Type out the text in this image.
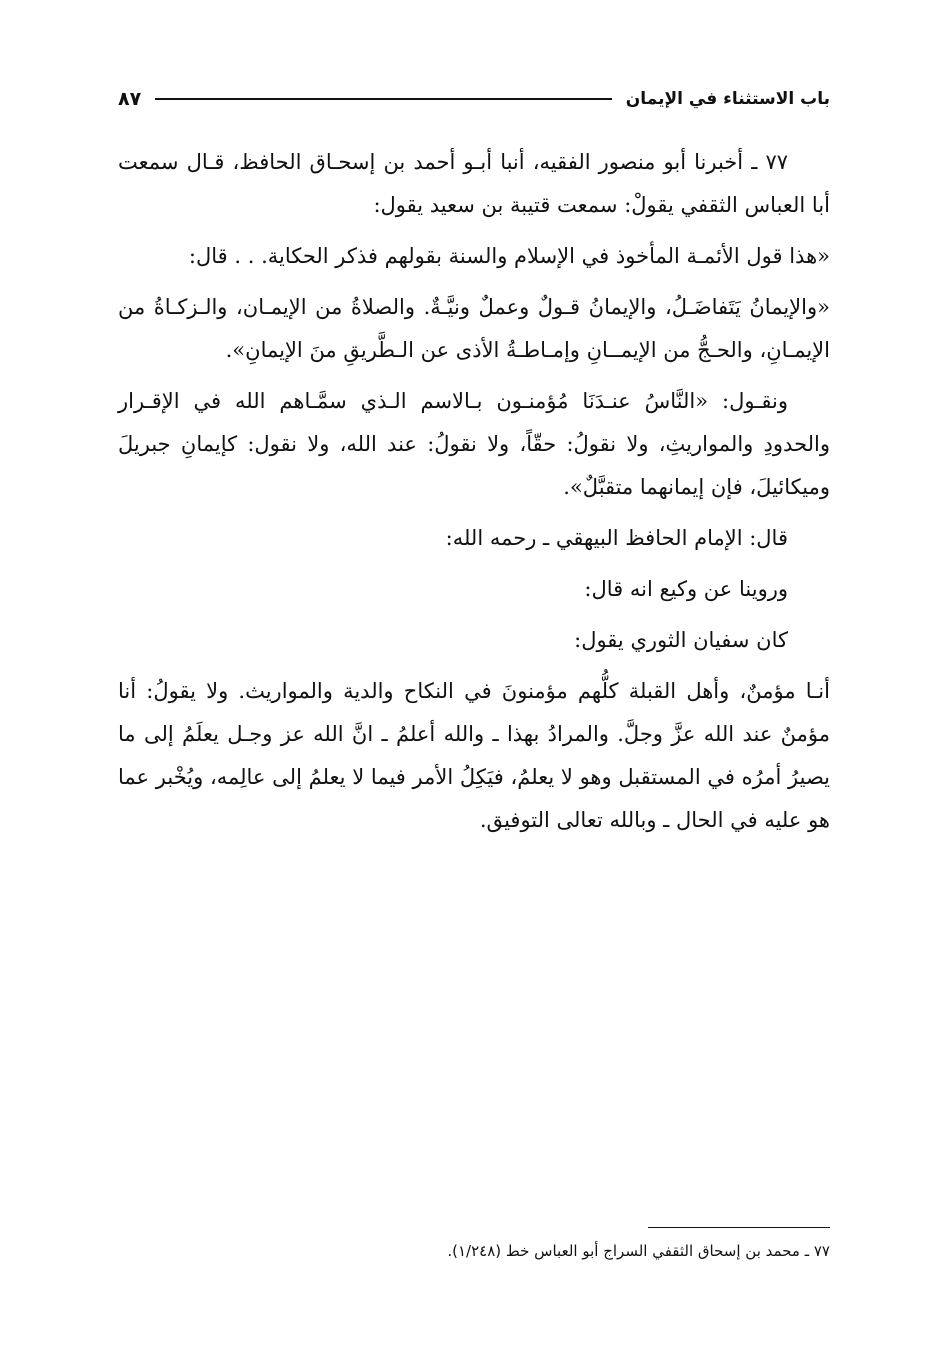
باب الاستثناء في الإيمان
٨٧

٧٧ ـ أخبرنا أبو منصور الفقيه، أنبا أبـو أحمد بن إسحـاق الحافظ، قـال سمعت أبا العباس الثقفي يقولْ: سمعت قتيبة بن سعيد يقول:

«هذا قول الأئمـة المأخوذ في الإسلام والسنة بقولهم فذكر الحكاية. . . قال:

«والإيمانُ يَتَفاضَـلُ، والإيمانُ قـولٌ وعملٌ ونيَّـةٌ. والصلاةُ من الإيمـان، والـزكـاةُ من الإيمـانِ، والحـجُّ من الإيمــانِ وإمـاطـةُ الأذى عن الـطَّريقِ منَ الإيمانِ».

ونقـول: «النَّاسُ عنـدَنَا مُؤمنـون بـالاسم الـذي سمَّـاهم الله في الإقـرار والحدودِ والمواريثِ، ولا نقولُ: حقّاً، ولا نقولُ: عند الله، ولا نقول: كإيمانِ جبريلَ وميكائيلَ، فإن إيمانهما متقبَّلٌ».

قال: الإمام الحافظ البيهقي ـ رحمه الله:

وروينا عن وكيع انه قال:

كان سفيان الثوري يقول:

أنـا مؤمنٌ، وأهل القبلة كلُّهم مؤمنونَ في النكاح والدية والمواريث. ولا يقولُ: أنا مؤمنٌ عند الله عزَّ وجلَّ. والمرادُ بهذا ـ والله أعلمُ ـ انَّ الله عز وجـل يعلَمُ إلى ما يصيرُ أمرُه في المستقبل وهو لا يعلمُ، فيَكِلُ الأمر فيما لا يعلمُ إلى عالِمه، ويُخْبر عما هو عليه في الحال ـ وبالله تعالى التوفيق.

٧٧ ـ محمد بن إسحاق الثقفي السراج أبو العباس خط (١/٢٤٨).
